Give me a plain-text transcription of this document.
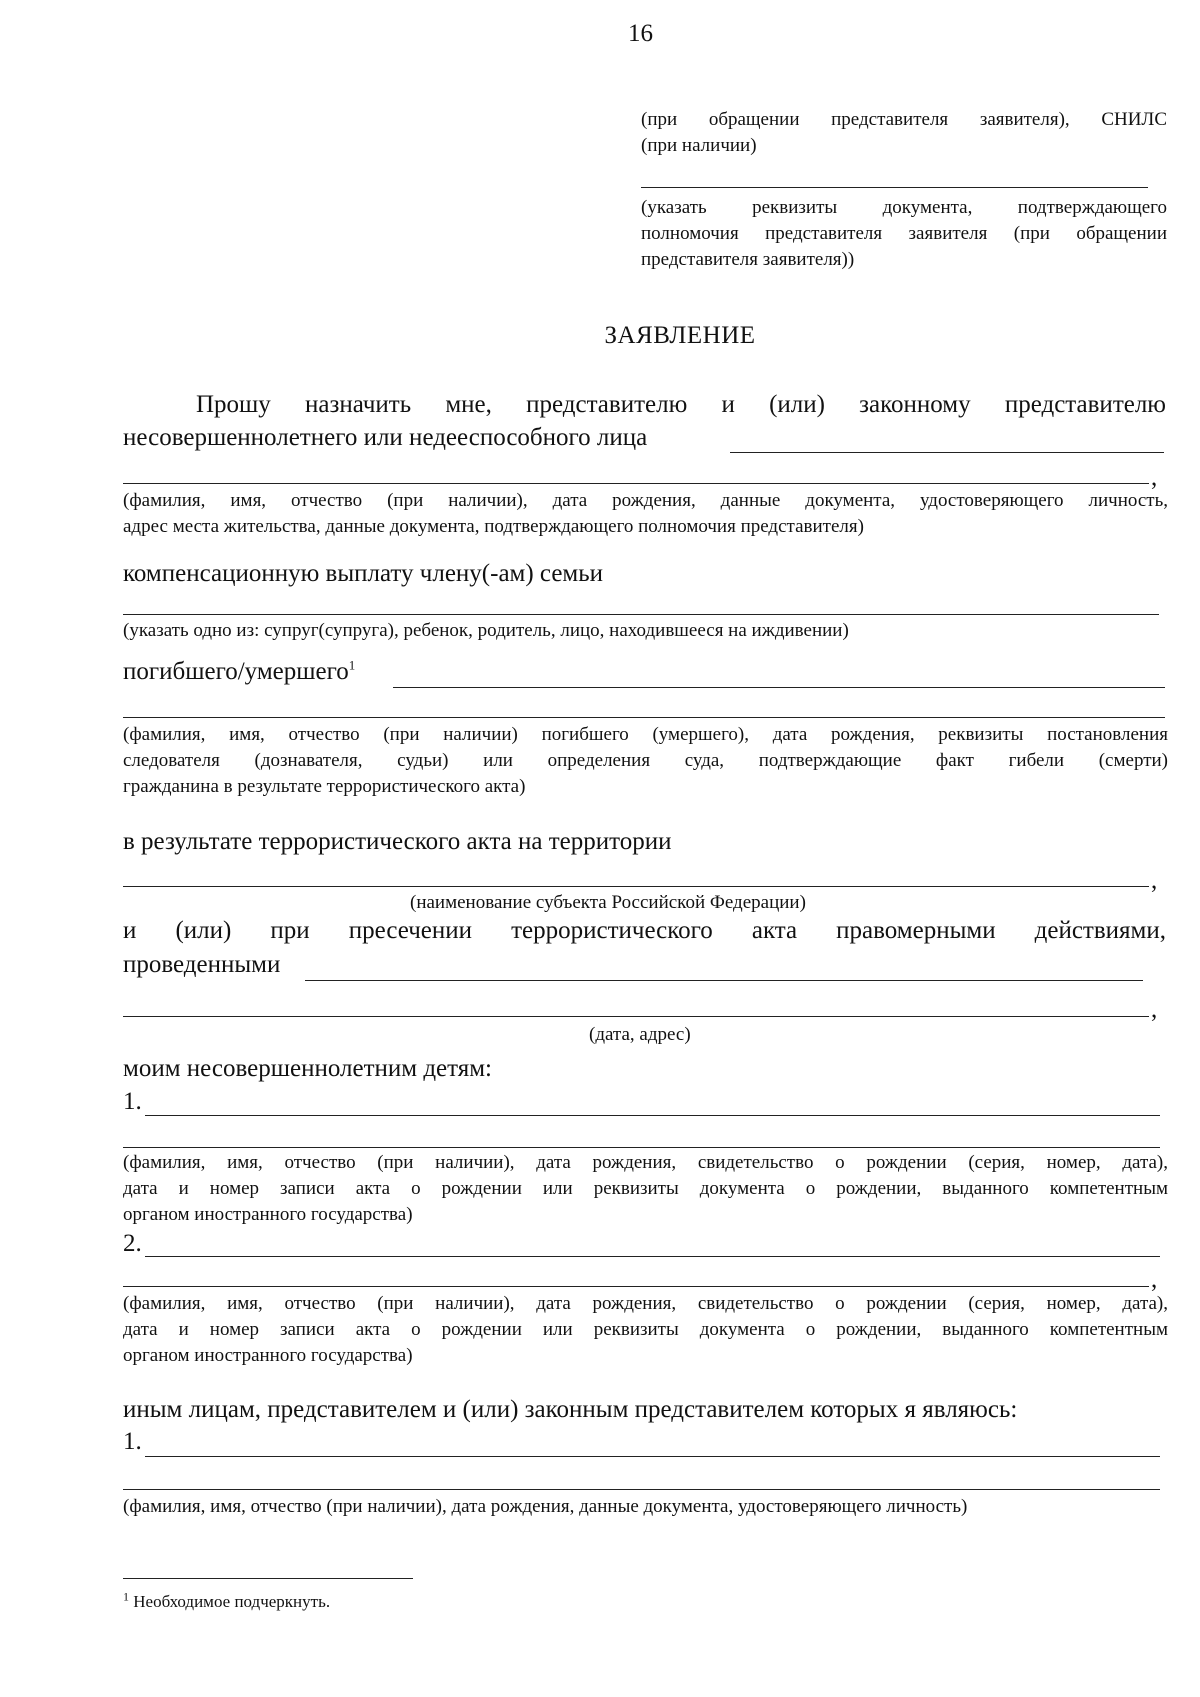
16
(при обращении представителя заявителя), СНИЛС
(при наличии)
(указать реквизиты документа, подтверждающего
полномочия представителя заявителя (при обращении
представителя заявителя))
ЗАЯВЛЕНИЕ
Прошу назначить мне, представителю и (или) законному представителю
несовершеннолетнего или недееспособного лица
,
(фамилия, имя, отчество (при наличии), дата рождения, данные документа, удостоверяющего личность,
адрес места жительства, данные документа, подтверждающего полномочия представителя)
компенсационную выплату члену(-ам) семьи
(указать одно из: супруг(супруга), ребенок, родитель, лицо, находившееся на иждивении)
погибшего/умершего$^1$
(фамилия, имя, отчество (при наличии) погибшего (умершего), дата рождения, реквизиты постановления
следователя (дознавателя, судьи) или определения суда, подтверждающие факт гибели (смерти)
гражданина в результате террористического акта)
в результате террористического акта на территории
,
(наименование субъекта Российской Федерации)
и (или) при пресечении террористического акта правомерными действиями,
проведенными
,
(дата, адрес)
моим несовершеннолетним детям:
1.
(фамилия, имя, отчество (при наличии), дата рождения, свидетельство о рождении (серия, номер, дата),
дата и номер записи акта о рождении или реквизиты документа о рождении, выданного компетентным
органом иностранного государства)
2.
,
(фамилия, имя, отчество (при наличии), дата рождения, свидетельство о рождении (серия, номер, дата),
дата и номер записи акта о рождении или реквизиты документа о рождении, выданного компетентным
органом иностранного государства)
иным лицам, представителем и (или) законным представителем которых я являюсь:
1.
(фамилия, имя, отчество (при наличии), дата рождения, данные документа, удостоверяющего личность)
$^1$ Необходимое подчеркнуть.
